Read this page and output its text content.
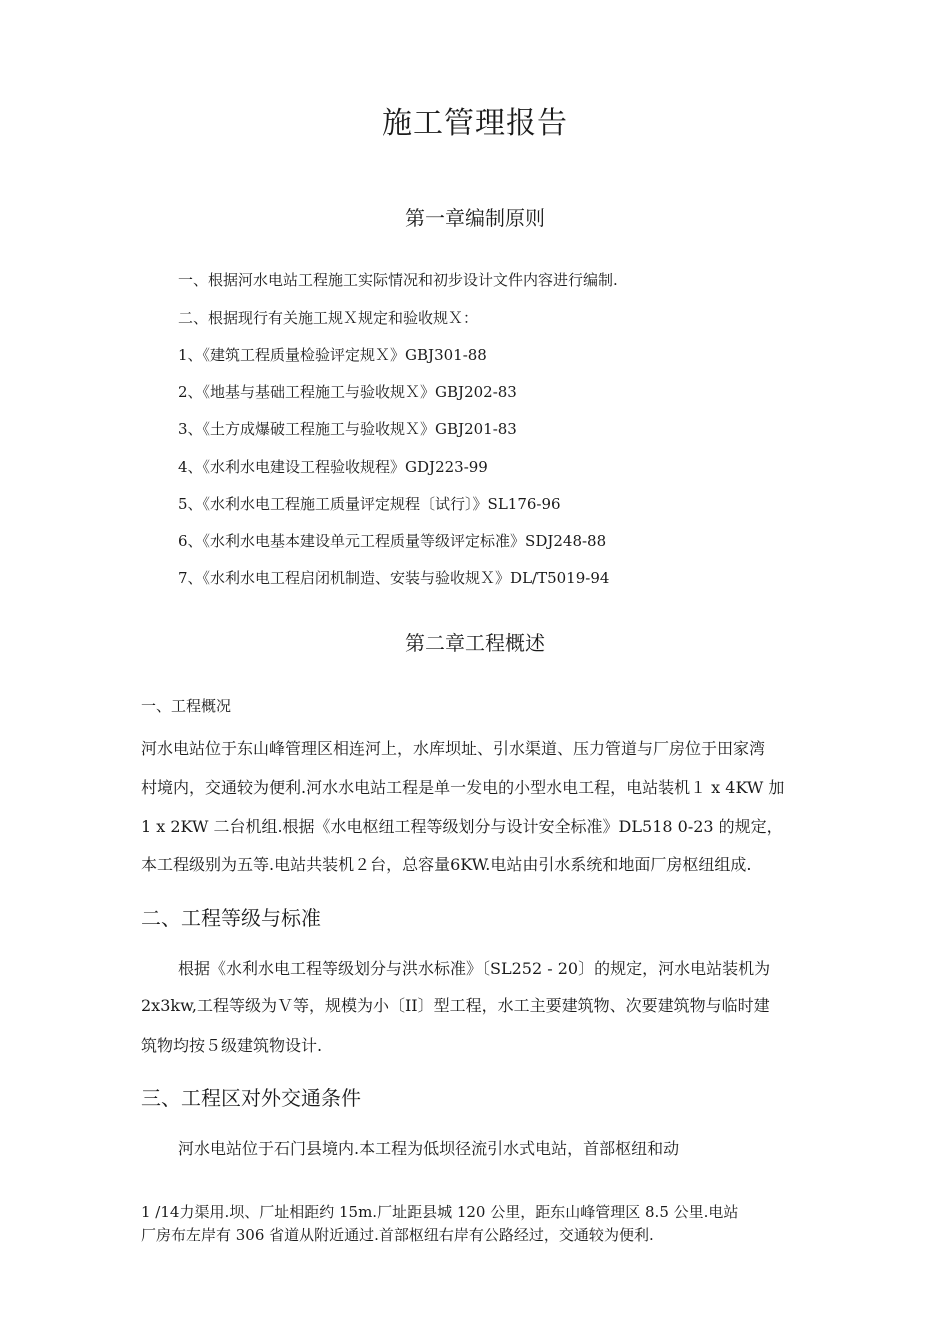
施工管理报告
第一章编制原则
一、根据河水电站工程施工实际情况和初步设计文件内容进行编制.
二、根据现行有关施工规Ｘ规定和验收规Ｘ：
1、《建筑工程质量检验评定规Ｘ》GBJ301-88
2、《地基与基础工程施工与验收规Ｘ》GBJ202-83
3、《土方成爆破工程施工与验收规Ｘ》GBJ201-83
4、《水利水电建设工程验收规程》GDJ223-99
5、《水利水电工程施工质量评定规程〔试行〕》SL176-96
6、《水利水电基本建设单元工程质量等级评定标准》SDJ248-88
7、《水利水电工程启闭机制造、安装与验收规Ｘ》DL/T5019-94
第二章工程概述
一、工程概况
河水电站位于东山峰管理区相连河上，水库坝址、引水渠道、压力管道与厂房位于田家湾
村境内，交通较为便利.河水水电站工程是单一发电的小型水电工程，电站装机１ x 4KW 加
1 x 2KW 二台机组.根据《水电枢纽工程等级划分与设计安全标准》DL518 0-23 的规定，
本工程级别为五等.电站共装机２台，总容量6KW.电站由引水系统和地面厂房枢纽组成.
二、工程等级与标准
根据《水利水电工程等级划分与洪水标准》〔SL252 - 20〕的规定，河水电站装机为
2x3kw,工程等级为Ｖ等，规模为小〔II〕型工程，水工主要建筑物、次要建筑物与临时建
筑物均按５级建筑物设计.
三、工程区对外交通条件
河水电站位于石门县境内.本工程为低坝径流引水式电站，首部枢纽和动
1 /14力渠用.坝、厂址相距约 15m.厂址距县城 120 公里，距东山峰管理区 8.5 公里.电站
厂房布左岸有 306 省道从附近通过.首部枢纽右岸有公路经过，交通较为便利.
